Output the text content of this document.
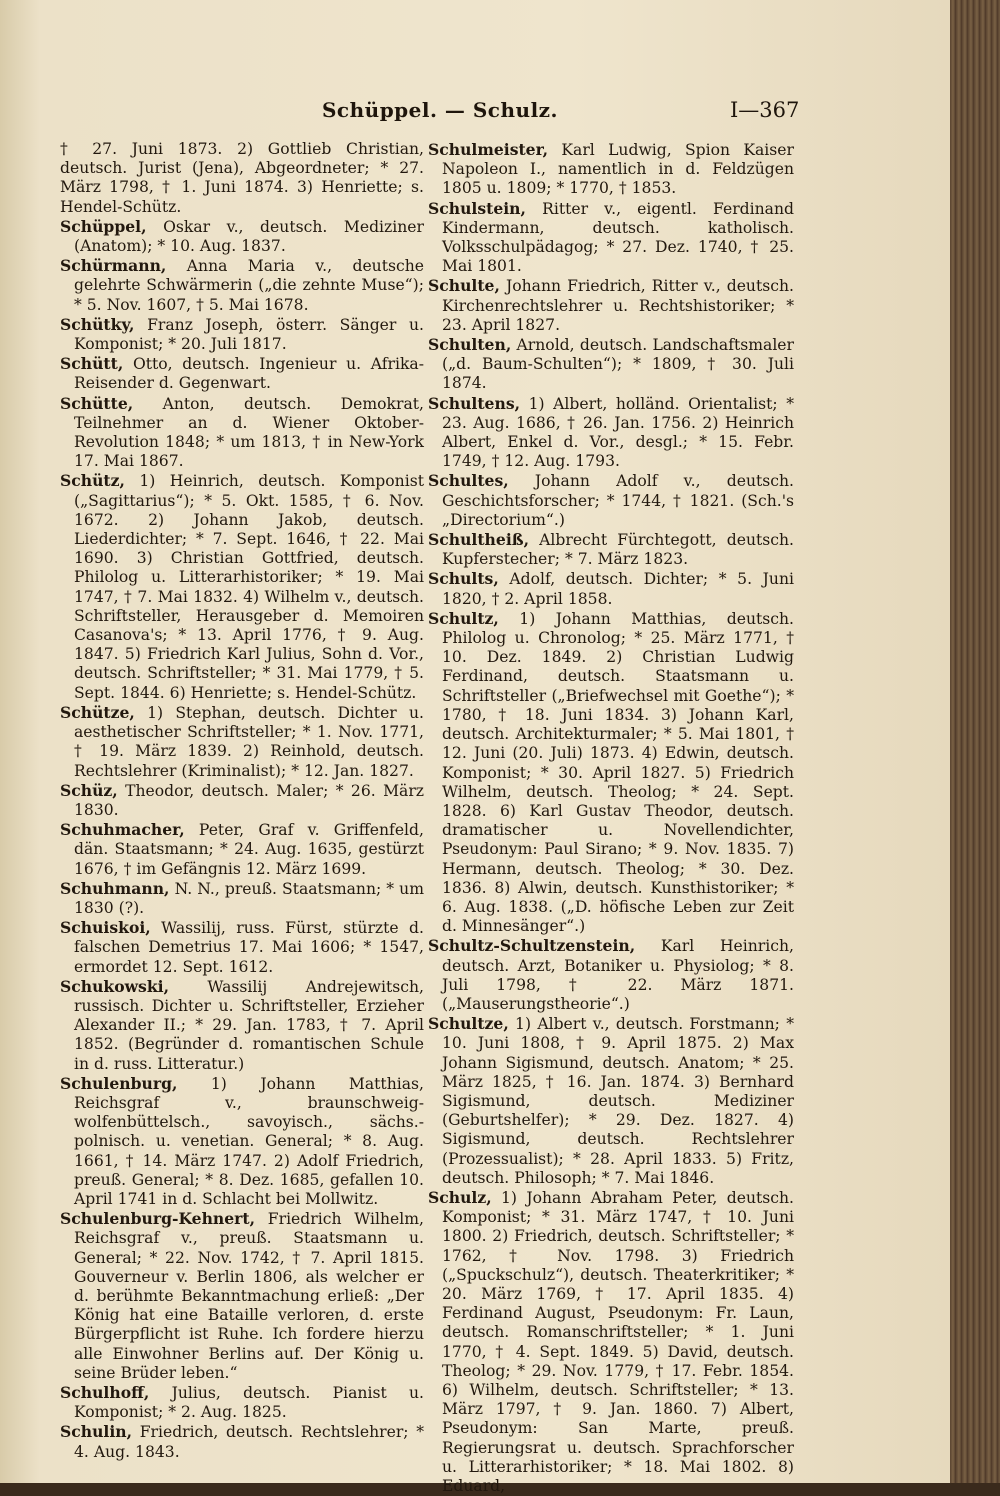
Schüppel. — Schulz.	I—367

† 27. Juni 1873. 2) Gottlieb Christian, deutsch. Jurist (Jena), Abgeordneter; * 27. März 1798, † 1. Juni 1874. 3) Henriette; s. Hendel-Schütz.

Schüppel, Oskar v., deutsch. Mediziner (Anatom); * 10. Aug. 1837.

Schürmann, Anna Maria v., deutsche gelehrte Schwärmerin („die zehnte Muse“); * 5. Nov. 1607, † 5. Mai 1678.

Schütky, Franz Joseph, österr. Sänger u. Komponist; * 20. Juli 1817.

Schütt, Otto, deutsch. Ingenieur u. Afrika-Reisender d. Gegenwart.

Schütte, Anton, deutsch. Demokrat, Teilnehmer an d. Wiener Oktober-Revolution 1848; * um 1813, † in New-York 17. Mai 1867.

Schütz, 1) Heinrich, deutsch. Komponist („Sagittarius“); * 5. Okt. 1585, † 6. Nov. 1672. 2) Johann Jakob, deutsch. Liederdichter; * 7. Sept. 1646, † 22. Mai 1690. 3) Christian Gottfried, deutsch. Philolog u. Litterarhistoriker; * 19. Mai 1747, † 7. Mai 1832. 4) Wilhelm v., deutsch. Schriftsteller, Herausgeber d. Memoiren Casanova's; * 13. April 1776, † 9. Aug. 1847. 5) Friedrich Karl Julius, Sohn d. Vor., deutsch. Schriftsteller; * 31. Mai 1779, † 5. Sept. 1844. 6) Henriette; s. Hendel-Schütz.

Schütze, 1) Stephan, deutsch. Dichter u. aesthetischer Schriftsteller; * 1. Nov. 1771, † 19. März 1839. 2) Reinhold, deutsch. Rechtslehrer (Kriminalist); * 12. Jan. 1827.

Schüz, Theodor, deutsch. Maler; * 26. März 1830.

Schuhmacher, Peter, Graf v. Griffenfeld, dän. Staatsmann; * 24. Aug. 1635, gestürzt 1676, † im Gefängnis 12. März 1699.

Schuhmann, N. N., preuß. Staatsmann; * um 1830 (?).

Schuiskoi, Wassilij, russ. Fürst, stürzte d. falschen Demetrius 17. Mai 1606; * 1547, ermordet 12. Sept. 1612.

Schukowski, Wassilij Andrejewitsch, russisch. Dichter u. Schriftsteller, Erzieher Alexander II.; * 29. Jan. 1783, † 7. April 1852. (Begründer d. romantischen Schule in d. russ. Litteratur.)

Schulenburg, 1) Johann Matthias, Reichsgraf v., braunschweig-wolfenbüttelsch., savoyisch., sächs.-polnisch. u. venetian. General; * 8. Aug. 1661, † 14. März 1747. 2) Adolf Friedrich, preuß. General; * 8. Dez. 1685, gefallen 10. April 1741 in d. Schlacht bei Mollwitz.

Schulenburg-Kehnert, Friedrich Wilhelm, Reichsgraf v., preuß. Staatsmann u. General; * 22. Nov. 1742, † 7. April 1815. Gouverneur v. Berlin 1806, als welcher er d. berühmte Bekanntmachung erließ: „Der König hat eine Bataille verloren, d. erste Bürgerpflicht ist Ruhe. Ich fordere hierzu alle Einwohner Berlins auf. Der König u. seine Brüder leben.“

Schulhoff, Julius, deutsch. Pianist u. Komponist; * 2. Aug. 1825.

Schulin, Friedrich, deutsch. Rechtslehrer; * 4. Aug. 1843.

Schulmeister, Karl Ludwig, Spion Kaiser Napoleon I., namentlich in d. Feldzügen 1805 u. 1809; * 1770, † 1853.

Schulstein, Ritter v., eigentl. Ferdinand Kindermann, deutsch. katholisch. Volksschulpädagog; * 27. Dez. 1740, † 25. Mai 1801.

Schulte, Johann Friedrich, Ritter v., deutsch. Kirchenrechtslehrer u. Rechtshistoriker; * 23. April 1827.

Schulten, Arnold, deutsch. Landschaftsmaler („d. Baum-Schulten“); * 1809, † 30. Juli 1874.

Schultens, 1) Albert, holländ. Orientalist; * 23. Aug. 1686, † 26. Jan. 1756. 2) Heinrich Albert, Enkel d. Vor., desgl.; * 15. Febr. 1749, † 12. Aug. 1793.

Schultes, Johann Adolf v., deutsch. Geschichtsforscher; * 1744, † 1821. (Sch.'s „Directorium“.)

Schultheiß, Albrecht Fürchtegott, deutsch. Kupferstecher; * 7. März 1823.

Schults, Adolf, deutsch. Dichter; * 5. Juni 1820, † 2. April 1858.

Schultz, 1) Johann Matthias, deutsch. Philolog u. Chronolog; * 25. März 1771, † 10. Dez. 1849. 2) Christian Ludwig Ferdinand, deutsch. Staatsmann u. Schriftsteller („Briefwechsel mit Goethe“); * 1780, † 18. Juni 1834. 3) Johann Karl, deutsch. Architekturmaler; * 5. Mai 1801, † 12. Juni (20. Juli) 1873. 4) Edwin, deutsch. Komponist; * 30. April 1827. 5) Friedrich Wilhelm, deutsch. Theolog; * 24. Sept. 1828. 6) Karl Gustav Theodor, deutsch. dramatischer u. Novellendichter, Pseudonym: Paul Sirano; * 9. Nov. 1835. 7) Hermann, deutsch. Theolog; * 30. Dez. 1836. 8) Alwin, deutsch. Kunsthistoriker; * 6. Aug. 1838. („D. höfische Leben zur Zeit d. Minnesänger“.)

Schultz-Schultzenstein, Karl Heinrich, deutsch. Arzt, Botaniker u. Physiolog; * 8. Juli 1798, † 22. März 1871. („Mauserungstheorie“.)

Schultze, 1) Albert v., deutsch. Forstmann; * 10. Juni 1808, † 9. April 1875. 2) Max Johann Sigismund, deutsch. Anatom; * 25. März 1825, † 16. Jan. 1874. 3) Bernhard Sigismund, deutsch. Mediziner (Geburtshelfer); * 29. Dez. 1827. 4) Sigismund, deutsch. Rechtslehrer (Prozessualist); * 28. April 1833. 5) Fritz, deutsch. Philosoph; * 7. Mai 1846.

Schulz, 1) Johann Abraham Peter, deutsch. Komponist; * 31. März 1747, † 10. Juni 1800. 2) Friedrich, deutsch. Schriftsteller; * 1762, † Nov. 1798. 3) Friedrich („Spuckschulz“), deutsch. Theaterkritiker; * 20. März 1769, † 17. April 1835. 4) Ferdinand August, Pseudonym: Fr. Laun, deutsch. Romanschriftsteller; * 1. Juni 1770, † 4. Sept. 1849. 5) David, deutsch. Theolog; * 29. Nov. 1779, † 17. Febr. 1854. 6) Wilhelm, deutsch. Schriftsteller; * 13. März 1797, † 9. Jan. 1860. 7) Albert, Pseudonym: San Marte, preuß. Regierungsrat u. deutsch. Sprachforscher u. Litterarhistoriker; * 18. Mai 1802. 8) Eduard,
